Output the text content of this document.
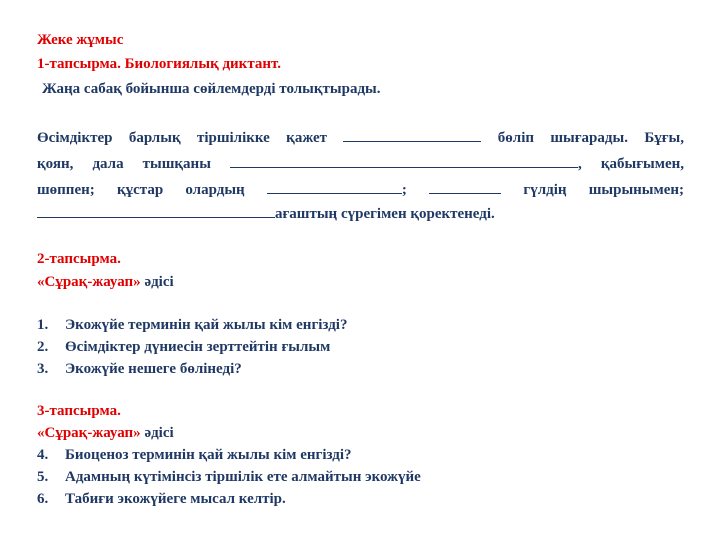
Жеке жұмыс
1-тапсырма. Биологиялық диктант.
Жаңа сабақ бойынша сөйлемдерді толықтырады.
Өсімдіктер барлық тіршілікке қажет	бөліп шығарады. Бұғы,
қоян, дала тышқаны	, қабығымен,
шөппен; құстар олардың	;	гүлдің шырынымен;
ағаштың сүрегімен қоректенеді.
2-тапсырма.
«Сұрақ-жауап» әдісі
1. Экожүйе терминін қай жылы кім енгізді?
2. Өсімдіктер дүниесін зерттейтін ғылым
3. Экожүйе нешеге бөлінеді?
3-тапсырма.
«Сұрақ-жауап» әдісі
4. Биоценоз терминін қай жылы кім енгізді?
5. Адамның күтімінсіз тіршілік ете алмайтын экожүйе
6. Табиғи экожүйеге мысал келтір.
